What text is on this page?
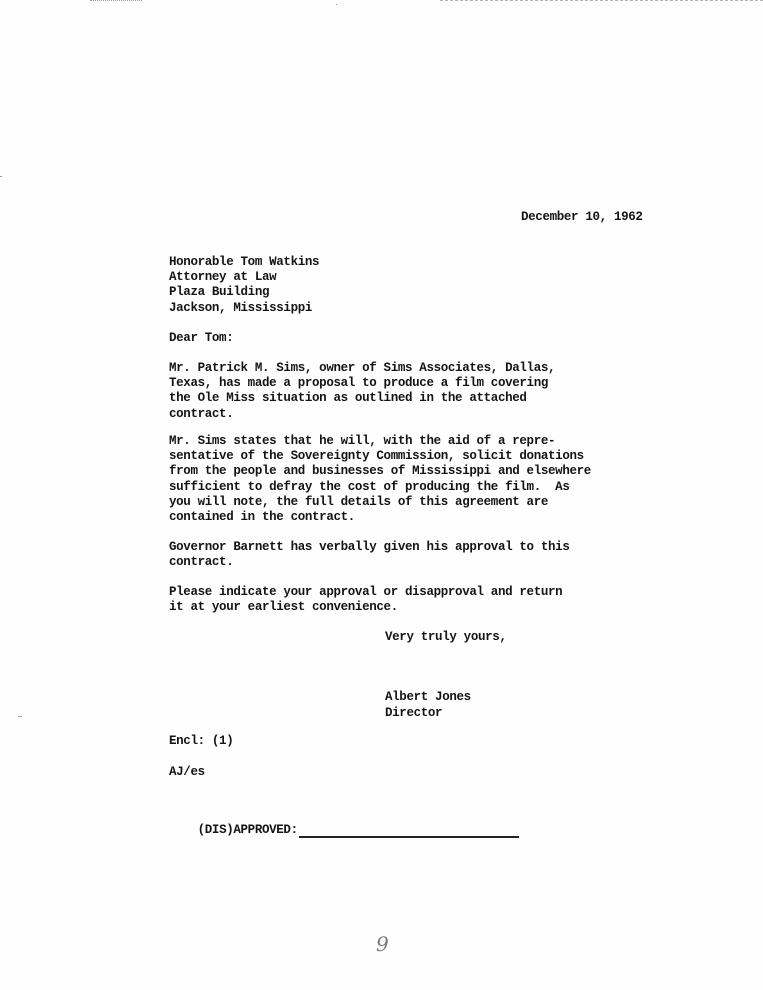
December 10, 1962
Honorable Tom Watkins
Attorney at Law
Plaza Building
Jackson, Mississippi
Dear Tom:
Mr. Patrick M. Sims, owner of Sims Associates, Dallas,
Texas, has made a proposal to produce a film covering
the Ole Miss situation as outlined in the attached
contract.
Mr. Sims states that he will, with the aid of a repre-
sentative of the Sovereignty Commission, solicit donations
from the people and businesses of Mississippi and elsewhere
sufficient to defray the cost of producing the film.  As
you will note, the full details of this agreement are
contained in the contract.
Governor Barnett has verbally given his approval to this
contract.
Please indicate your approval or disapproval and return
it at your earliest convenience.
Very truly yours,
Albert Jones
Director
Encl: (1)
AJ/es

(DIS)APPROVED:

9
